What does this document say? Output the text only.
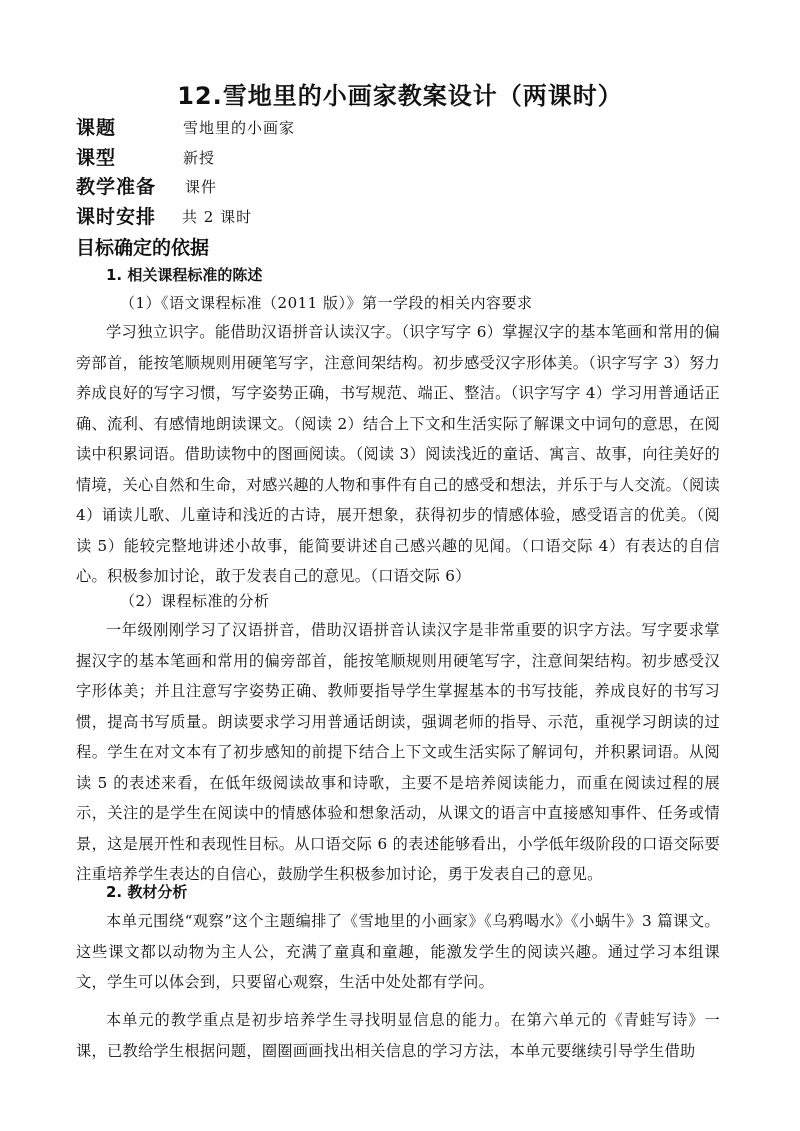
12.雪地里的小画家教案设计（两课时）
课题	雪地里的小画家
课型	新授
教学准备 课件
课时安排 共 2 课时
目标确定的依据
1. 相关课程标准的陈述
（1）《语文课程标准（2011 版）》第一学段的相关内容要求
学习独立识字。能借助汉语拼音认读汉字。（识字写字 6）掌握汉字的基本笔画和常用的偏旁部首，能按笔顺规则用硬笔写字，注意间架结构。初步感受汉字形体美。（识字写字 3）努力养成良好的写字习惯，写字姿势正确，书写规范、端正、整洁。（识字写字 4）学习用普通话正确、流利、有感情地朗读课文。（阅读 2）结合上下文和生活实际了解课文中词句的意思，在阅读中积累词语。借助读物中的图画阅读。（阅读 3）阅读浅近的童话、寓言、故事，向往美好的情境，关心自然和生命，对感兴趣的人物和事件有自己的感受和想法，并乐于与人交流。（阅读 4）诵读儿歌、儿童诗和浅近的古诗，展开想象，获得初步的情感体验，感受语言的优美。（阅读 5）能较完整地讲述小故事，能简要讲述自己感兴趣的见闻。（口语交际 4）有表达的自信心。积极参加讨论，敢于发表自己的意见。（口语交际 6）
（2）课程标准的分析
一年级刚刚学习了汉语拼音，借助汉语拼音认读汉字是非常重要的识字方法。写字要求掌握汉字的基本笔画和常用的偏旁部首，能按笔顺规则用硬笔写字，注意间架结构。初步感受汉字形体美；并且注意写字姿势正确、教师要指导学生掌握基本的书写技能，养成良好的书写习惯，提高书写质量。朗读要求学习用普通话朗读，强调老师的指导、示范，重视学习朗读的过程。学生在对文本有了初步感知的前提下结合上下文或生活实际了解词句，并积累词语。从阅读 5 的表述来看，在低年级阅读故事和诗歌，主要不是培养阅读能力，而重在阅读过程的展示，关注的是学生在阅读中的情感体验和想象活动，从课文的语言中直接感知事件、任务或情景，这是展开性和表现性目标。从口语交际 6 的表述能够看出，小学低年级阶段的口语交际要注重培养学生表达的自信心，鼓励学生积极参加讨论，勇于发表自己的意见。
2. 教材分析
本单元围绕“观察”这个主题编排了《雪地里的小画家》《乌鸦喝水》《小蜗牛》3 篇课文。这些课文都以动物为主人公，充满了童真和童趣，能激发学生的阅读兴趣。通过学习本组课文，学生可以体会到，只要留心观察，生活中处处都有学问。
本单元的教学重点是初步培养学生寻找明显信息的能力。在第六单元的《青蛙写诗》一课，已教给学生根据问题，圈圈画画找出相关信息的学习方法，本单元要继续引导学生借助
